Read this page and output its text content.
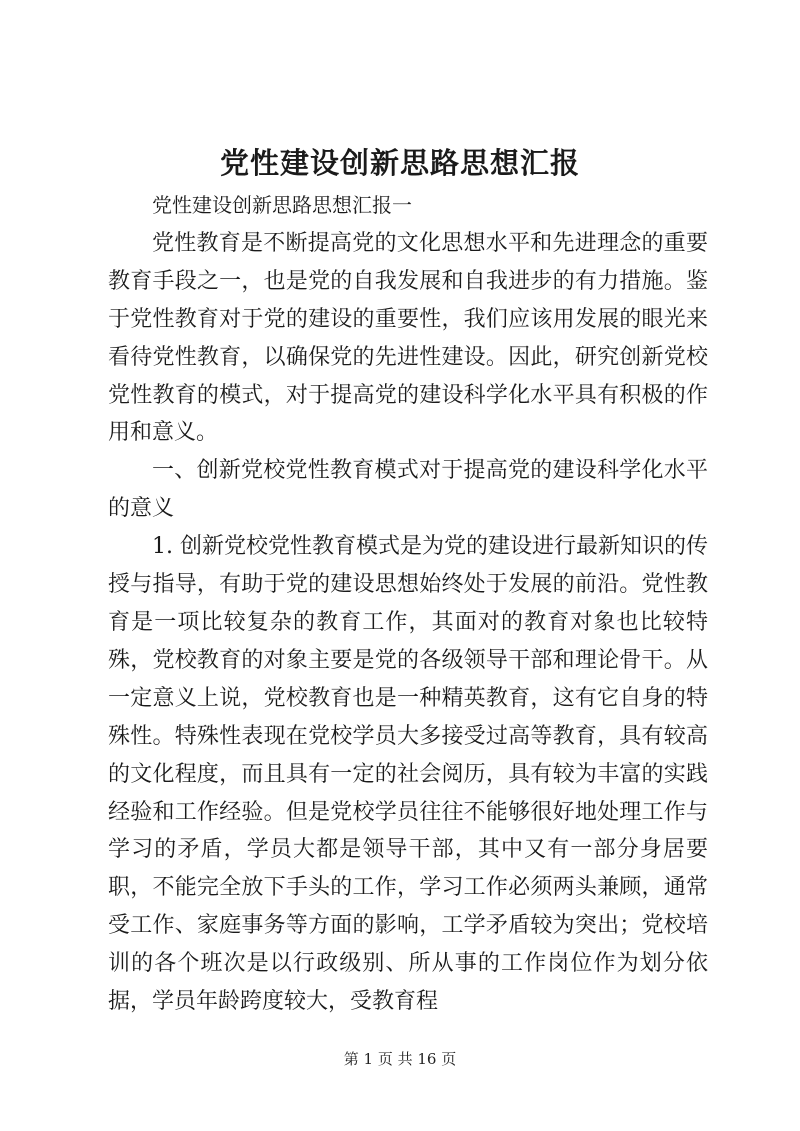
党性建设创新思路思想汇报

党性建设创新思路思想汇报一

党性教育是不断提高党的文化思想水平和先进理念的重要教育手段之一，也是党的自我发展和自我进步的有力措施。鉴于党性教育对于党的建设的重要性，我们应该用发展的眼光来看待党性教育，以确保党的先进性建设。因此，研究创新党校党性教育的模式，对于提高党的建设科学化水平具有积极的作用和意义。

一、创新党校党性教育模式对于提高党的建设科学化水平的意义

1. 创新党校党性教育模式是为党的建设进行最新知识的传授与指导，有助于党的建设思想始终处于发展的前沿。党性教育是一项比较复杂的教育工作，其面对的教育对象也比较特殊，党校教育的对象主要是党的各级领导干部和理论骨干。从一定意义上说，党校教育也是一种精英教育，这有它自身的特殊性。特殊性表现在党校学员大多接受过高等教育，具有较高的文化程度，而且具有一定的社会阅历，具有较为丰富的实践经验和工作经验。但是党校学员往往不能够很好地处理工作与学习的矛盾，学员大都是领导干部，其中又有一部分身居要职，不能完全放下手头的工作，学习工作必须两头兼顾，通常受工作、家庭事务等方面的影响，工学矛盾较为突出；党校培训的各个班次是以行政级别、所从事的工作岗位作为划分依据，学员年龄跨度较大，受教育程

第 1 页 共 16 页
